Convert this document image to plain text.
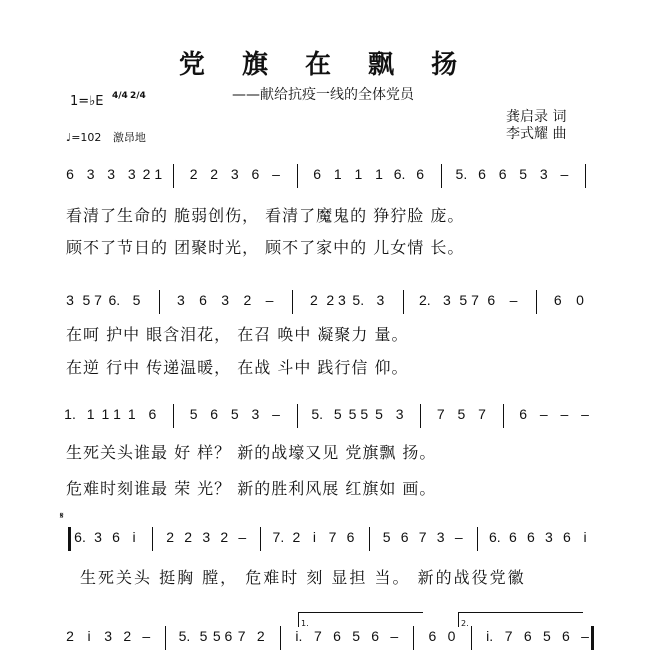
党 旗 在 飘 扬
——献给抗疫一线的全体党员
龚启录 词
李式耀 曲
1=♭E 4/4 2/4
♩=102 激昂地
6 3 3 3 2 1 2 2 3 6 – 6 1 1 1 6. 6 5. 6 6 5 3 –
看清了生命的 脆弱创伤， 看清了魔鬼的 狰狞脸 庞。
顾不了节日的 团聚时光， 顾不了家中的 儿女情 长。
3 5 7 6. 5	3 6 3 2 –	2 2 3 5. 3 2. 3 5 7 6 –	6 0
在呵 护中 眼含泪花， 在召 唤中 凝聚力 量。
在逆 行中 传递温暖， 在战 斗中 践行信 仰。
1. 1 1 1 1 6 5 6 5 3 – 5. 5 5 5 5 3 7 5 7 6 – – –
生死关头谁最 好 样？ 新的战壕又见 党旗飘 扬。
危难时刻谁最 荣 光？ 新的胜利风展 红旗如 画。
𝄋
6. 3 6 i 2 2 3 2 – 7. 2 i 7 6 5 6 7 3 – 6. 6 6 3 6 i
生死关头 挺胸 膛， 危难时 刻 显担 当。 新的战役党徽
1.	2.
2 i 3 2 – 5. 5 5 6 7 2 i. 7 6 5 6 – 6 0 i. 7 6 5 6 –
